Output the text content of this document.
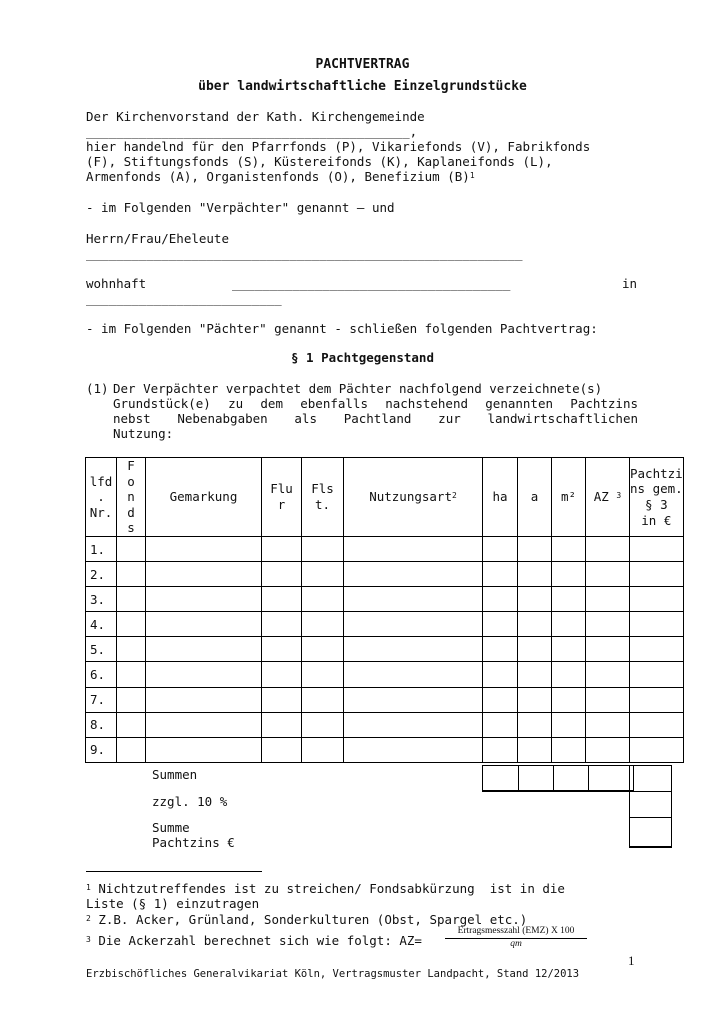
PACHTVERTRAG
über landwirtschaftliche Einzelgrundstücke
Der Kirchenvorstand der Kath. Kirchengemeinde
___________________________________________,
hier handelnd für den Pfarrfonds (P), Vikariefonds (V), Fabrikfonds
(F), Stiftungsfonds (S), Küstereifonds (K), Kaplaneifonds (L),
Armenfonds (A), Organistenfonds (O), Benefizium $(B)^1$
- im Folgenden "Verpächter" genannt – und
Herrn/Frau/Eheleute
__________________________________________________________
wohnhaft	_____________________________________	in
__________________________
- im Folgenden "Pächter" genannt - schließen folgenden Pachtvertrag:
§ 1 Pachtgegenstand
(1) Der Verpächter verpachtet dem Pächter nachfolgend verzeichnete(s)
Grundstück(e) zu dem ebenfalls nachstehend genannten Pachtzins
nebst Nebenabgaben als Pachtland zur landwirtschaftlichen
Nutzung:
lfd
.
Nr.	F
o
n
d
s	Gemarkung	Flu
r	Fls
t.	Nutzungsart$^2$	ha	a	m²	AZ $^3$	Pachtzi
ns gem.
§ 3
in €
1.										
2.										
3.										
4.										
5.										
6.										
7.										
8.										
9.										
Summen
zzgl. 10 %
Summe
Pachtzins €

$^1$ Nichtzutreffendes ist zu streichen/ Fondsabkürzung  ist in die
Liste (§ 1) einzutragen
$^2$ Z.B. Acker, Grünland, Sonderkulturen (Obst, Spargel etc.)
$^3$ Die Ackerzahl berechnet sich wie folgt: AZ=
Ertragsmesszahl (EMZ) X 100
qm
1
Erzbischöfliches Generalvikariat Köln, Vertragsmuster Landpacht, Stand 12/2013
